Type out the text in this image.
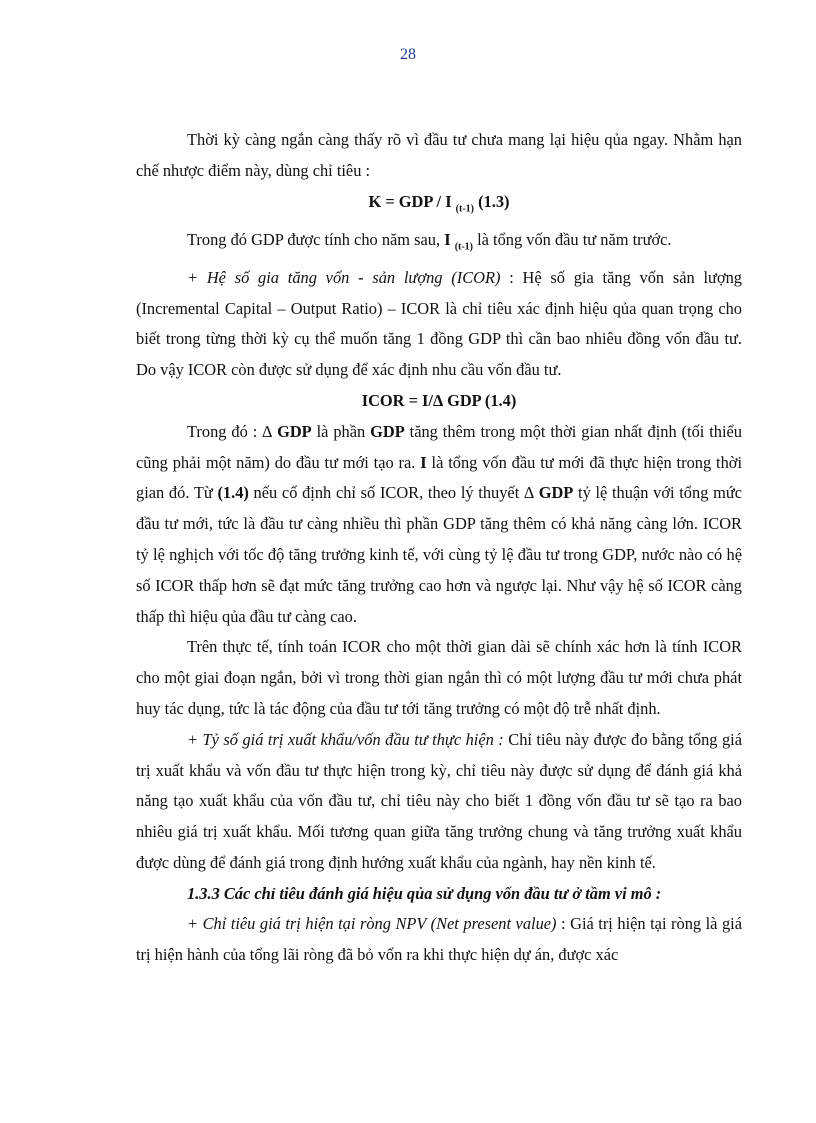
28

Thời kỳ càng ngắn càng thấy rõ vì đầu tư chưa mang lại hiệu qủa ngay. Nhằm hạn chế nhược điểm này, dùng chỉ tiêu :

K = GDP / I $_{(t-1)}$ (1.3)

Trong đó GDP được tính cho năm sau, I $_{(t-1)}$ là tổng vốn đầu tư năm trước.

+ Hệ số gia tăng vốn - sản lượng (ICOR) : Hệ số gia tăng vốn sản lượng (Incremental Capital – Output Ratio) – ICOR là chỉ tiêu xác định hiệu qủa quan trọng cho biết trong từng thời kỳ cụ thể muốn tăng 1 đồng GDP thì cần bao nhiêu đồng vốn đầu tư. Do vậy ICOR còn được sử dụng để xác định nhu cầu vốn đầu tư.

ICOR = I/∆ GDP (1.4)

Trong đó : ∆ GDP là phần GDP tăng thêm trong một thời gian nhất định (tối thiểu cũng phải một năm) do đầu tư mới tạo ra. I là tổng vốn đầu tư mới đã thực hiện trong thời gian đó. Từ (1.4) nếu cố định chỉ số ICOR, theo lý thuyết ∆ GDP tỷ lệ thuận với tổng mức đầu tư mới, tức là đầu tư càng nhiều thì phần GDP tăng thêm có khả năng càng lớn. ICOR tỷ lệ nghịch với tốc độ tăng trưởng kinh tế, với cùng tỷ lệ đầu tư trong GDP, nước nào có hệ số ICOR thấp hơn sẽ đạt mức tăng trưởng cao hơn và ngược lại. Như vậy hệ số ICOR càng thấp thì hiệu qủa đầu tư càng cao.

Trên thực tế, tính toán ICOR cho một thời gian dài sẽ chính xác hơn là tính ICOR cho một giai đoạn ngắn, bởi vì trong thời gian ngắn thì có một lượng đầu tư mới chưa phát huy tác dụng, tức là tác động của đầu tư tới tăng trưởng có một độ trễ nhất định.

+ Tỷ số giá trị xuất khẩu/vốn đầu tư thực hiện : Chỉ tiêu này được đo bằng tổng giá trị xuất khẩu và vốn đầu tư thực hiện trong kỳ, chỉ tiêu này được sử dụng để đánh giá khả năng tạo xuất khẩu của vốn đầu tư, chỉ tiêu này cho biết 1 đồng vốn đầu tư sẽ tạo ra bao nhiêu giá trị xuất khẩu. Mối tương quan giữa tăng trưởng chung và tăng trưởng xuất khẩu được dùng để đánh giá trong định hướng xuất khẩu của ngành, hay nền kinh tế.

1.3.3 Các chỉ tiêu đánh giá hiệu qủa sử dụng vốn đầu tư ở tầm vi mô :

+ Chỉ tiêu giá trị hiện tại ròng NPV (Net present value) : Giá trị hiện tại ròng là giá trị hiện hành của tổng lãi ròng đã bỏ vốn ra khi thực hiện dự án, được xác
